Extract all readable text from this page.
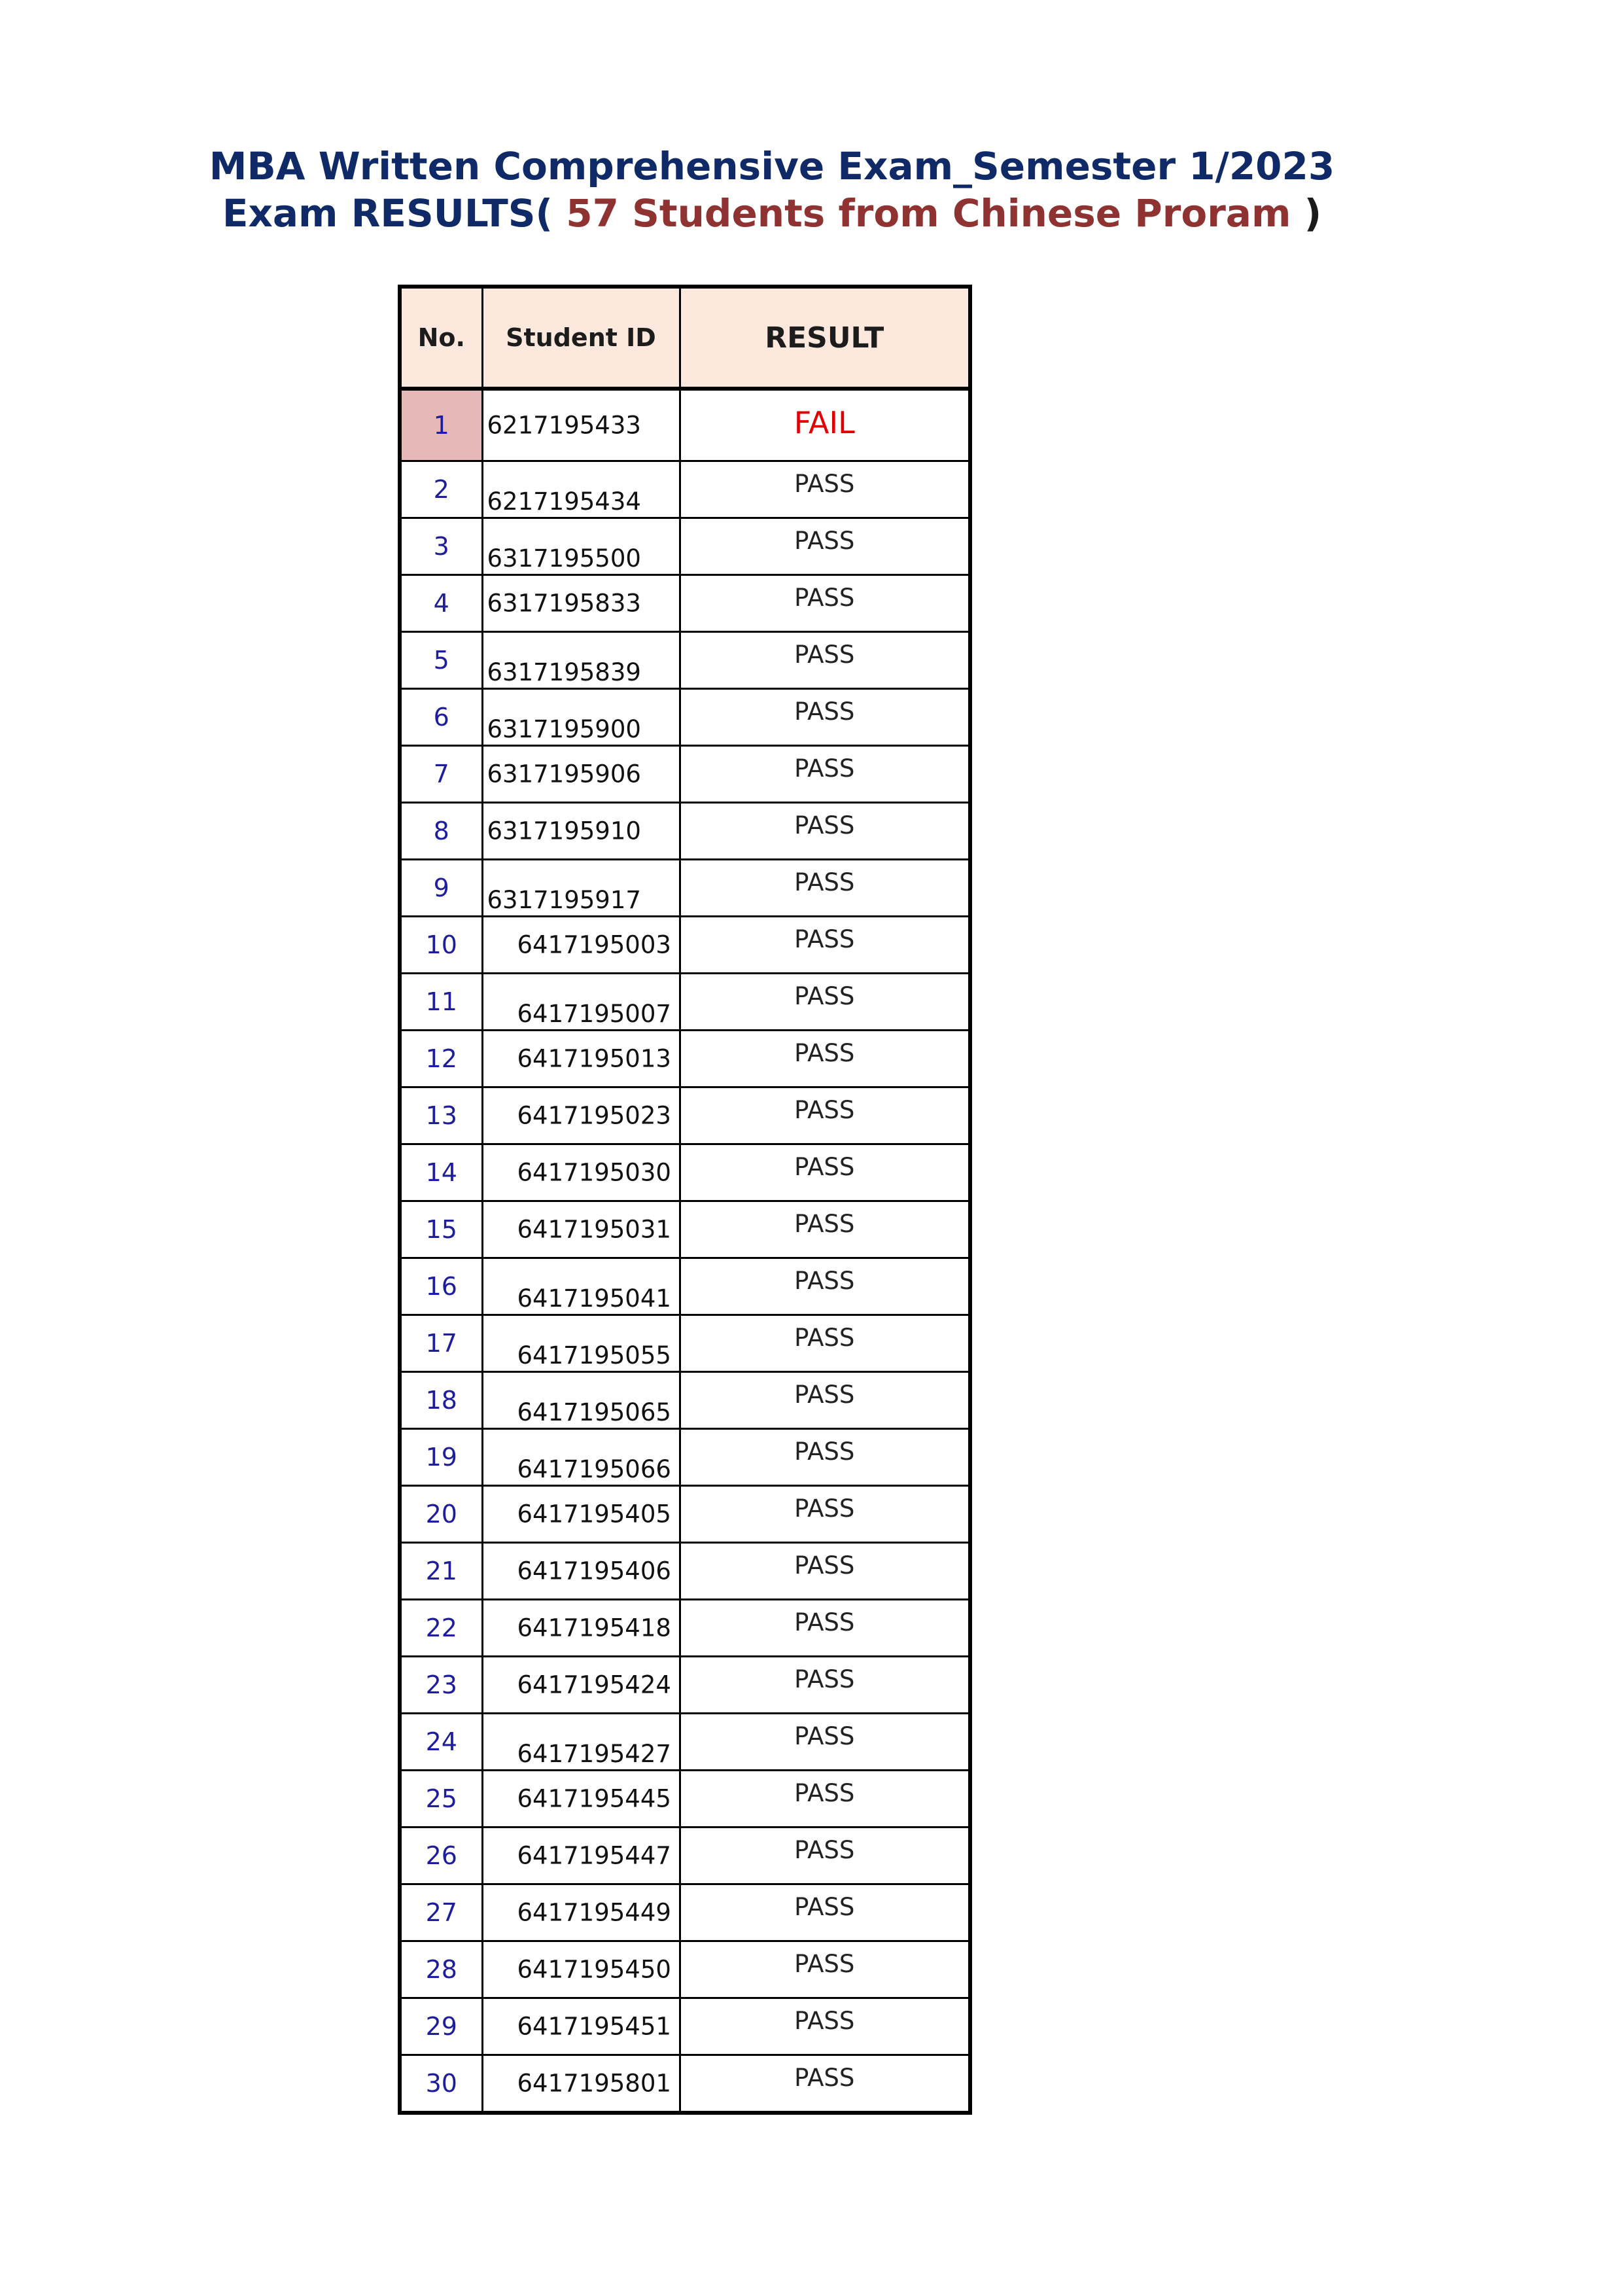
MBA Written Comprehensive Exam_Semester 1/2023
Exam RESULTS( 57 Students from Chinese Proram )
No.	Student ID	RESULT
1	6217195433	FAIL

2	6217195434	PASS

3	6317195500	PASS

4	6317195833	PASS

5	6317195839	PASS

6	6317195900	PASS

7	6317195906	PASS

8	6317195910	PASS

9	6317195917	PASS

10	6417195003	PASS

11	6417195007	PASS

12	6417195013	PASS

13	6417195023	PASS

14	6417195030	PASS

15	6417195031	PASS

16	6417195041	PASS

17	6417195055	PASS

18	6417195065	PASS

19	6417195066	PASS

20	6417195405	PASS

21	6417195406	PASS

22	6417195418	PASS

23	6417195424	PASS

24	6417195427	PASS

25	6417195445	PASS

26	6417195447	PASS

27	6417195449	PASS

28	6417195450	PASS

29	6417195451	PASS

30	6417195801	PASS
